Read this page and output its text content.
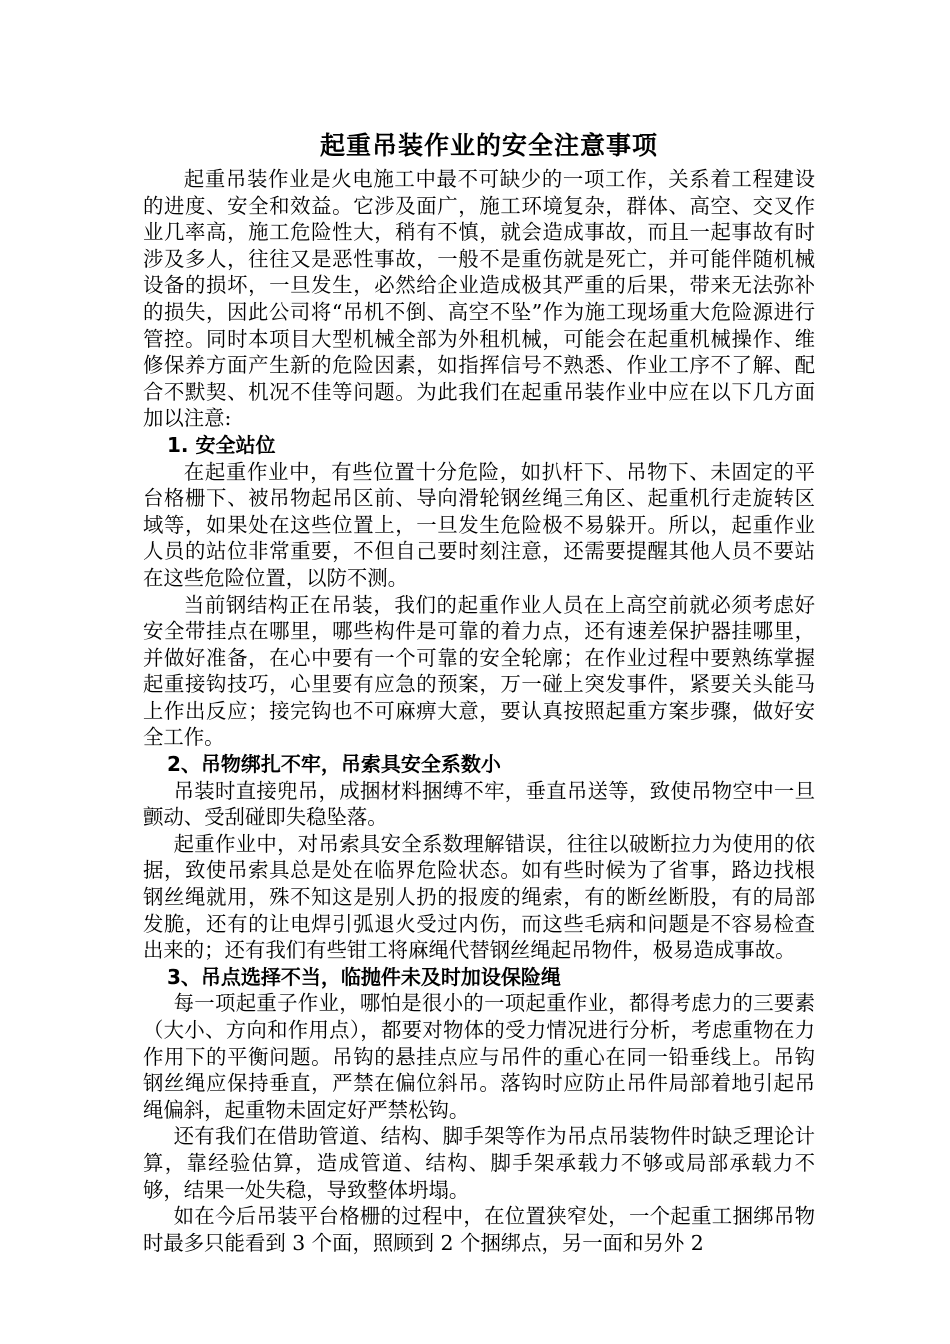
起重吊装作业的安全注意事项

起重吊装作业是火电施工中最不可缺少的一项工作，关系着工程建设的进度、安全和效益。它涉及面广，施工环境复杂，群体、高空、交叉作业几率高，施工危险性大，稍有不慎，就会造成事故，而且一起事故有时涉及多人，往往又是恶性事故，一般不是重伤就是死亡，并可能伴随机械设备的损坏，一旦发生，必然给企业造成极其严重的后果，带来无法弥补的损失，因此公司将“吊机不倒、高空不坠”作为施工现场重大危险源进行管控。同时本项目大型机械全部为外租机械，可能会在起重机械操作、维修保养方面产生新的危险因素，如指挥信号不熟悉、作业工序不了解、配合不默契、机况不佳等问题。为此我们在起重吊装作业中应在以下几方面加以注意:

1. 安全站位

在起重作业中，有些位置十分危险，如扒杆下、吊物下、未固定的平台格栅下、被吊物起吊区前、导向滑轮钢丝绳三角区、起重机行走旋转区域等，如果处在这些位置上，一旦发生危险极不易躲开。所以，起重作业人员的站位非常重要，不但自己要时刻注意，还需要提醒其他人员不要站在这些危险位置，以防不测。

当前钢结构正在吊装，我们的起重作业人员在上高空前就必须考虑好安全带挂点在哪里，哪些构件是可靠的着力点，还有速差保护器挂哪里，并做好准备，在心中要有一个可靠的安全轮廓；在作业过程中要熟练掌握起重接钩技巧，心里要有应急的预案，万一碰上突发事件，紧要关头能马上作出反应；接完钩也不可麻痹大意，要认真按照起重方案步骤，做好安全工作。

2、吊物绑扎不牢，吊索具安全系数小

吊装时直接兜吊，成捆材料捆缚不牢，垂直吊送等，致使吊物空中一旦颤动、受刮碰即失稳坠落。

起重作业中，对吊索具安全系数理解错误，往往以破断拉力为使用的依据，致使吊索具总是处在临界危险状态。如有些时候为了省事，路边找根钢丝绳就用，殊不知这是别人扔的报废的绳索，有的断丝断股，有的局部发脆，还有的让电焊引弧退火受过内伤，而这些毛病和问题是不容易检查出来的；还有我们有些钳工将麻绳代替钢丝绳起吊物件，极易造成事故。

3、吊点选择不当，临抛件未及时加设保险绳

每一项起重子作业，哪怕是很小的一项起重作业，都得考虑力的三要素（大小、方向和作用点），都要对物体的受力情况进行分析，考虑重物在力作用下的平衡问题。吊钩的悬挂点应与吊件的重心在同一铅垂线上。吊钩钢丝绳应保持垂直，严禁在偏位斜吊。落钩时应防止吊件局部着地引起吊绳偏斜，起重物未固定好严禁松钩。

还有我们在借助管道、结构、脚手架等作为吊点吊装物件时缺乏理论计算，靠经验估算，造成管道、结构、脚手架承载力不够或局部承载力不够，结果一处失稳，导致整体坍塌。

如在今后吊装平台格栅的过程中，在位置狭窄处，一个起重工捆绑吊物时最多只能看到 3 个面，照顾到 2 个捆绑点，另一面和另外 2
